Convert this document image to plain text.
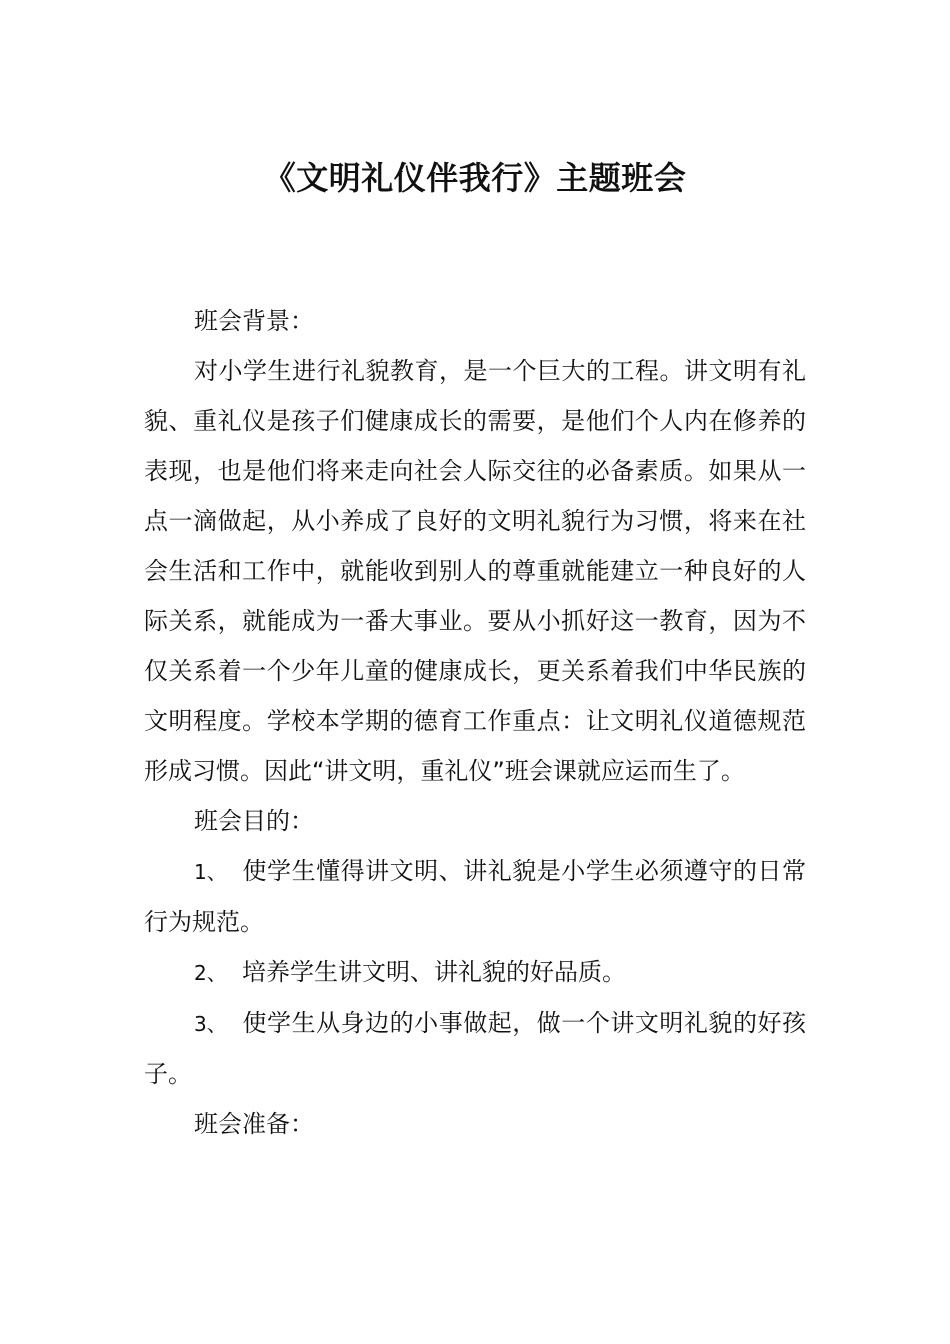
《文明礼仪伴我行》主题班会

班会背景：

对小学生进行礼貌教育，是一个巨大的工程。讲文明有礼貌、重礼仪是孩子们健康成长的需要，是他们个人内在修养的表现，也是他们将来走向社会人际交往的必备素质。如果从一点一滴做起，从小养成了良好的文明礼貌行为习惯，将来在社会生活和工作中，就能收到别人的尊重就能建立一种良好的人际关系，就能成为一番大事业。要从小抓好这一教育，因为不仅关系着一个少年儿童的健康成长，更关系着我们中华民族的文明程度。学校本学期的德育工作重点：让文明礼仪道德规范形成习惯。因此“讲文明，重礼仪”班会课就应运而生了。

班会目的：

1、 使学生懂得讲文明、讲礼貌是小学生必须遵守的日常行为规范。

2、 培养学生讲文明、讲礼貌的好品质。

3、 使学生从身边的小事做起，做一个讲文明礼貌的好孩子。

班会准备：
